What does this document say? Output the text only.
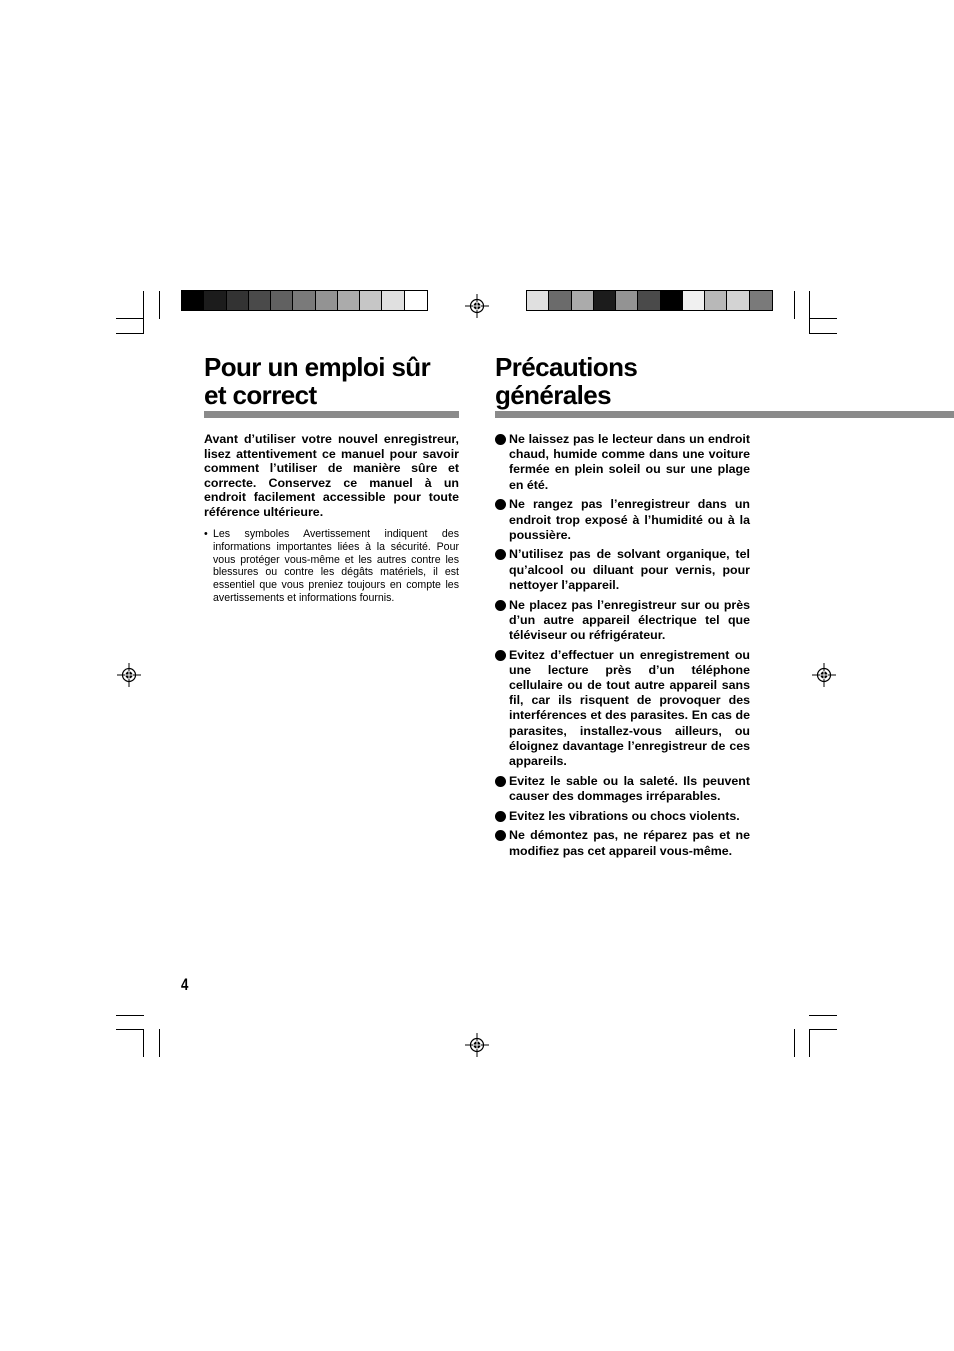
Pour un emploi sûr
et correct

Avant d’utiliser votre nouvel enregistreur, lisez attentivement ce manuel pour savoir comment l’utiliser de manière sûre et correcte. Conservez ce manuel à un endroit facilement accessible pour toute référence ultérieure.

• Les symboles Avertissement indiquent des informations importantes liées à la sécurité. Pour vous protéger vous-même et les autres contre les blessures ou contre les dégâts matériels, il est essentiel que vous preniez toujours en compte les avertissements et informations fournis.

Précautions
générales
Ne laissez pas le lecteur dans un endroit chaud, humide comme dans une voiture fermée en plein soleil ou sur une plage en été.
Ne rangez pas l’enregistreur dans un endroit trop exposé à l’humidité ou à la poussière.
N’utilisez pas de solvant organique, tel qu’alcool ou diluant pour vernis, pour nettoyer l’appareil.
Ne placez pas l’enregistreur sur ou près d’un autre appareil électrique tel que téléviseur ou réfrigérateur.
Evitez d’effectuer un enregistrement ou une lecture près d’un téléphone cellulaire ou de tout autre appareil sans fil, car ils risquent de provoquer des interférences et des parasites. En cas de parasites, installez-vous ailleurs, ou éloignez davantage l’enregistreur de ces appareils.
Evitez le sable ou la saleté. Ils peuvent causer des dommages irréparables.
Evitez les vibrations ou chocs violents.
Ne démontez pas, ne réparez pas et ne modifiez pas cet appareil vous-même.
4
